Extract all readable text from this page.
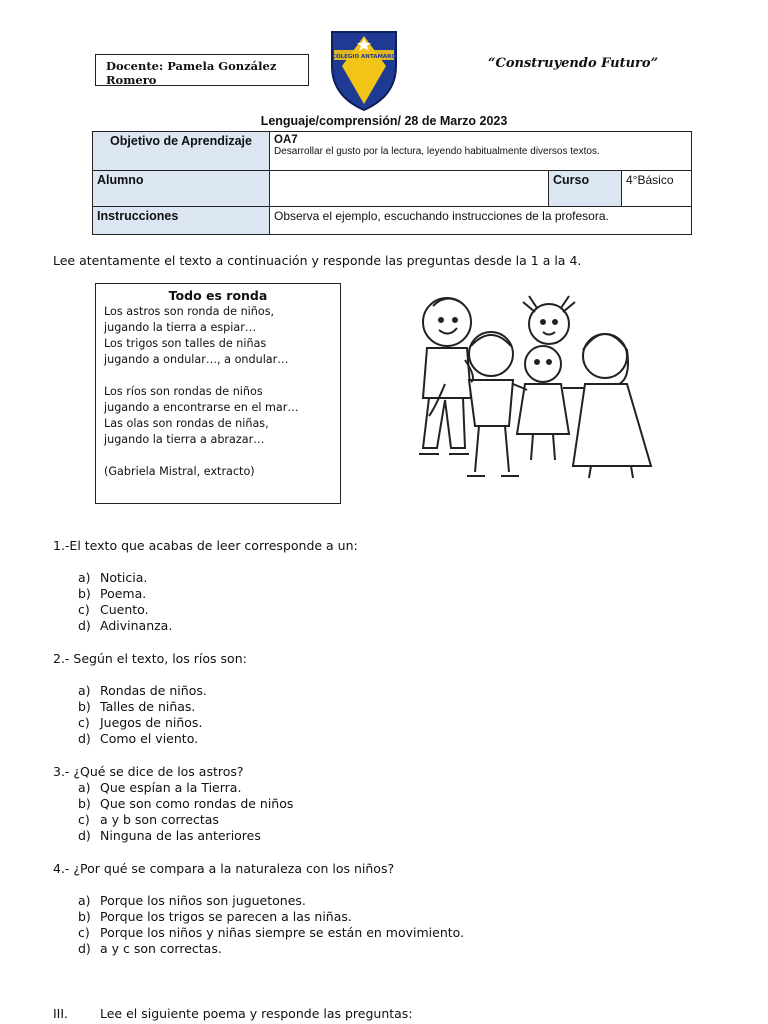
Docente: Pamela González Romero
COLEGIO ANTAMARO	“Construyendo Futuro”
Lenguaje/comprensión/ 28 de Marzo 2023
Objetivo de Aprendizaje	OA7
Desarrollar el gusto por la lectura, leyendo habitualmente diversos textos.		

Alumno		Curso	4°Básico
Instrucciones	Observa el ejemplo, escuchando instrucciones de la profesora.		
Lee atentamente el texto a continuación y responde las preguntas desde la 1 a la 4.
Todo es ronda
Los astros son ronda de niños,
jugando la tierra a espiar…
Los trigos son talles de niñas
jugando a ondular…, a ondular…
Los ríos son rondas de niños
jugando a encontrarse en el mar…
Las olas son rondas de niñas,
jugando la tierra a abrazar…
(Gabriela Mistral, extracto)
1.-El texto que acabas de leer corresponde a un:
a) Noticia.
b) Poema.
c) Cuento.
d) Adivinanza.
2.- Según el texto, los ríos son:
a) Rondas de niños.
b) Talles de niñas.
c) Juegos de niños.
d) Como el viento.
3.- ¿Qué se dice de los astros?
a) Que espían a la Tierra.
b) Que son como rondas de niños
c) a y b son correctas
d) Ninguna de las anteriores
4.- ¿Por qué se compara a la naturaleza con los niños?
a) Porque los niños son juguetones.
b) Porque los trigos se parecen a las niñas.
c) Porque los niños y niñas siempre se están en movimiento.
d) a y c son correctas.
III.	Lee el siguiente poema y responde las preguntas:
